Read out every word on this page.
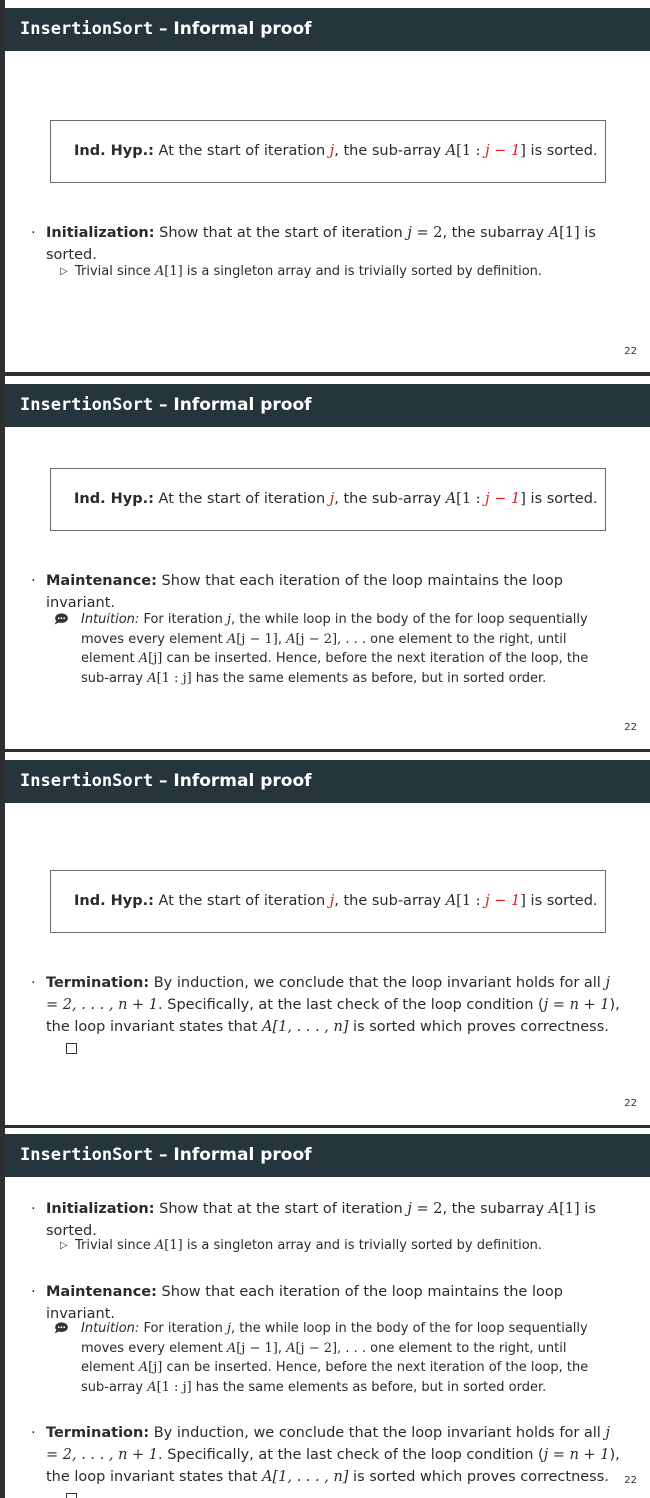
InsertionSort – Informal proof
Ind. Hyp.: At the start of iteration j, the sub-array A[1 : j − 1] is sorted.
· Initialization: Show that at the start of iteration j = 2, the subarray A[1] is sorted.
▷ Trivial since A[1] is a singleton array and is trivially sorted by definition.
22
InsertionSort – Informal proof
Ind. Hyp.: At the start of iteration j, the sub-array A[1 : j − 1] is sorted.
· Maintenance: Show that each iteration of the loop maintains the loop invariant.
Intuition: For iteration j, the while loop in the body of the for loop sequentially moves every element A[j − 1], A[j − 2], . . . one element to the right, until element A[j] can be inserted. Hence, before the next iteration of the loop, the sub-array A[1 : j] has the same elements as before, but in sorted order.
22
InsertionSort – Informal proof
Ind. Hyp.: At the start of iteration j, the sub-array A[1 : j − 1] is sorted.
· Termination: By induction, we conclude that the loop invariant holds for all j = 2, . . . , n + 1. Specifically, at the last check of the loop condition (j = n + 1), the loop invariant states that A[1, . . . , n] is sorted which proves correctness.
22
InsertionSort – Informal proof
· Initialization: Show that at the start of iteration j = 2, the subarray A[1] is sorted.
▷ Trivial since A[1] is a singleton array and is trivially sorted by definition.
· Maintenance: Show that each iteration of the loop maintains the loop invariant.
Intuition: For iteration j, the while loop in the body of the for loop sequentially moves every element A[j − 1], A[j − 2], . . . one element to the right, until element A[j] can be inserted. Hence, before the next iteration of the loop, the sub-array A[1 : j] has the same elements as before, but in sorted order.
· Termination: By induction, we conclude that the loop invariant holds for all j = 2, . . . , n + 1. Specifically, at the last check of the loop condition (j = n + 1), the loop invariant states that A[1, . . . , n] is sorted which proves correctness.	22
